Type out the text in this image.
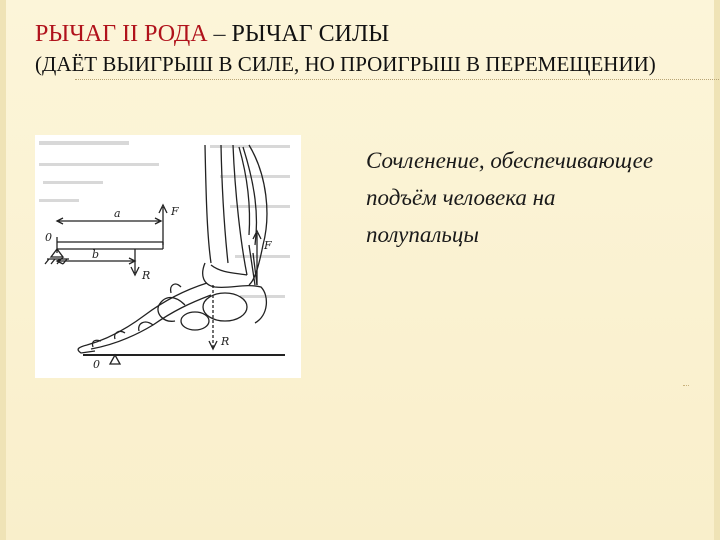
РЫЧАГ II РОДА – РЫЧАГ СИЛЫ
(ДАЁТ ВЫИГРЫШ В СИЛЕ, НО ПРОИГРЫШ В ПЕРЕМЕЩЕНИИ)
a
b
F
R
0
F
R
0
Сочленение, обеспечивающее подъём человека на полупальцы
